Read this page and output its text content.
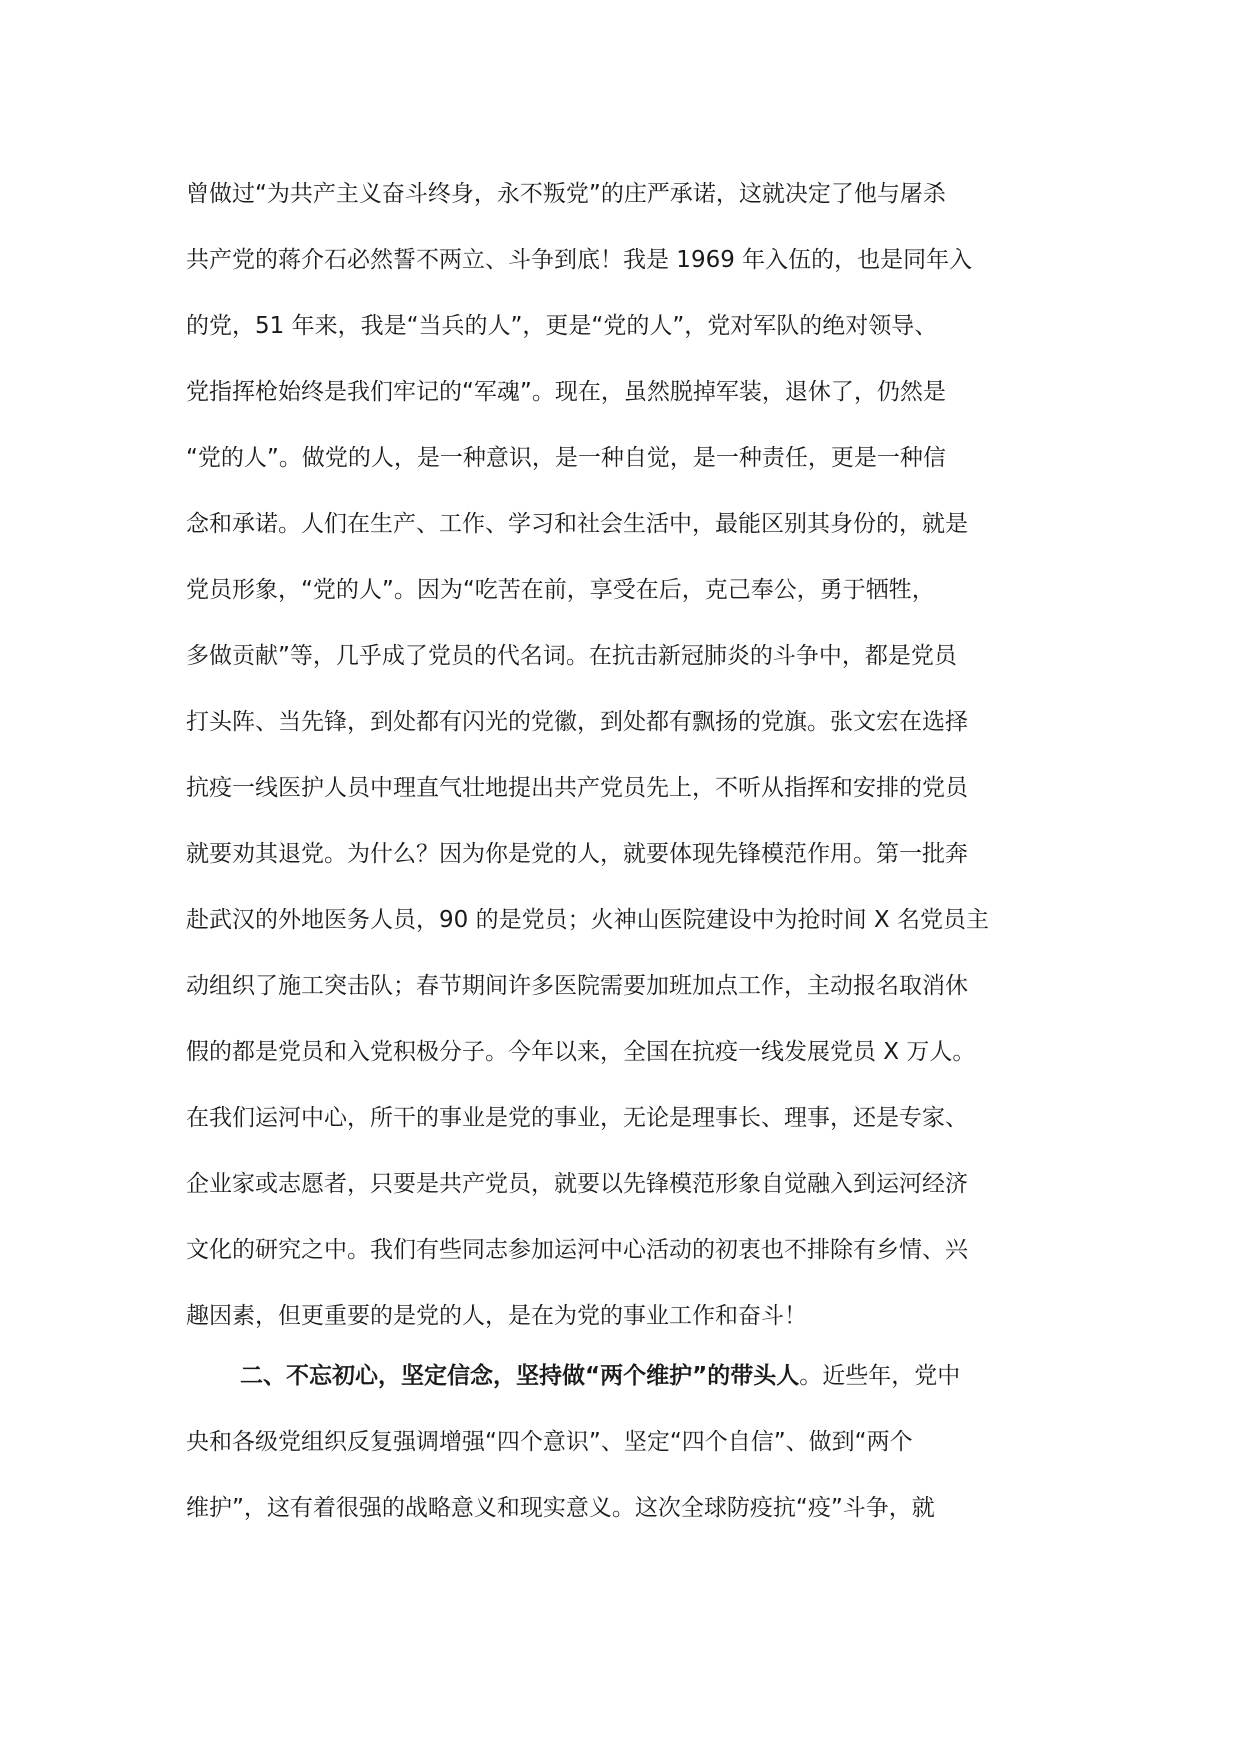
曾做过“为共产主义奋斗终身，永不叛党”的庄严承诺，这就决定了他与屠杀
共产党的蒋介石必然誓不两立、斗争到底！我是 1969 年入伍的，也是同年入
的党，51 年来，我是“当兵的人”，更是“党的人”，党对军队的绝对领导、
党指挥枪始终是我们牢记的“军魂”。现在，虽然脱掉军装，退休了，仍然是
“党的人”。做党的人，是一种意识，是一种自觉，是一种责任，更是一种信
念和承诺。人们在生产、工作、学习和社会生活中，最能区别其身份的，就是
党员形象，“党的人”。因为“吃苦在前，享受在后，克己奉公，勇于牺牲，
多做贡献”等，几乎成了党员的代名词。在抗击新冠肺炎的斗争中，都是党员
打头阵、当先锋，到处都有闪光的党徽，到处都有飘扬的党旗。张文宏在选择
抗疫一线医护人员中理直气壮地提出共产党员先上，不听从指挥和安排的党员
就要劝其退党。为什么？因为你是党的人，就要体现先锋模范作用。第一批奔
赴武汉的外地医务人员，90 的是党员；火神山医院建设中为抢时间 X 名党员主
动组织了施工突击队；春节期间许多医院需要加班加点工作，主动报名取消休
假的都是党员和入党积极分子。今年以来，全国在抗疫一线发展党员 X 万人。
在我们运河中心，所干的事业是党的事业，无论是理事长、理事，还是专家、
企业家或志愿者，只要是共产党员，就要以先锋模范形象自觉融入到运河经济
文化的研究之中。我们有些同志参加运河中心活动的初衷也不排除有乡情、兴
趣因素，但更重要的是党的人，是在为党的事业工作和奋斗！
二、不忘初心，坚定信念，坚持做“两个维护”的带头人。近些年，党中
央和各级党组织反复强调增强“四个意识”、坚定“四个自信”、做到“两个
维护”，这有着很强的战略意义和现实意义。这次全球防疫抗“疫”斗争，就
